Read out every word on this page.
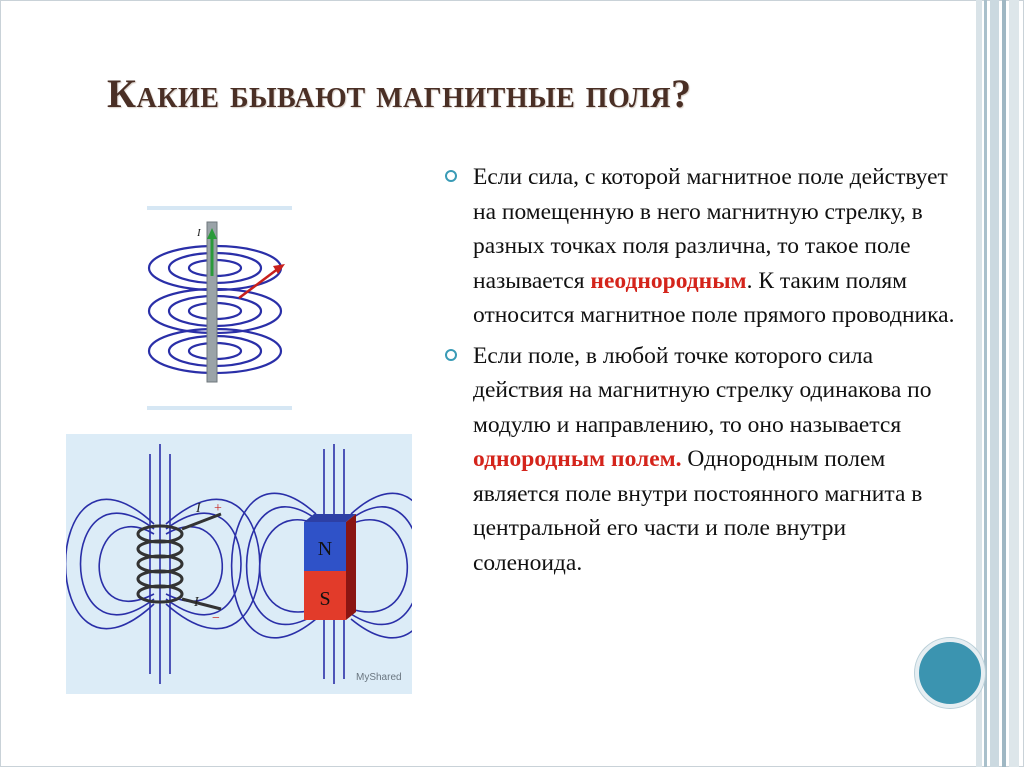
Какие бывают магнитные поля?
I
I +
I
−
N
S
MyShared
Если сила, с которой магнитное поле действует на помещенную в него магнитную стрелку, в разных точках поля различна, то такое поле называется неоднородным. К таким полям относится магнитное поле прямого проводника.
Если поле, в любой точке которого сила действия на магнитную стрелку одинакова по модулю и направлению, то оно называется однородным полем. Однородным полем является поле внутри постоянного магнита в центральной его части и поле внутри соленоида.
